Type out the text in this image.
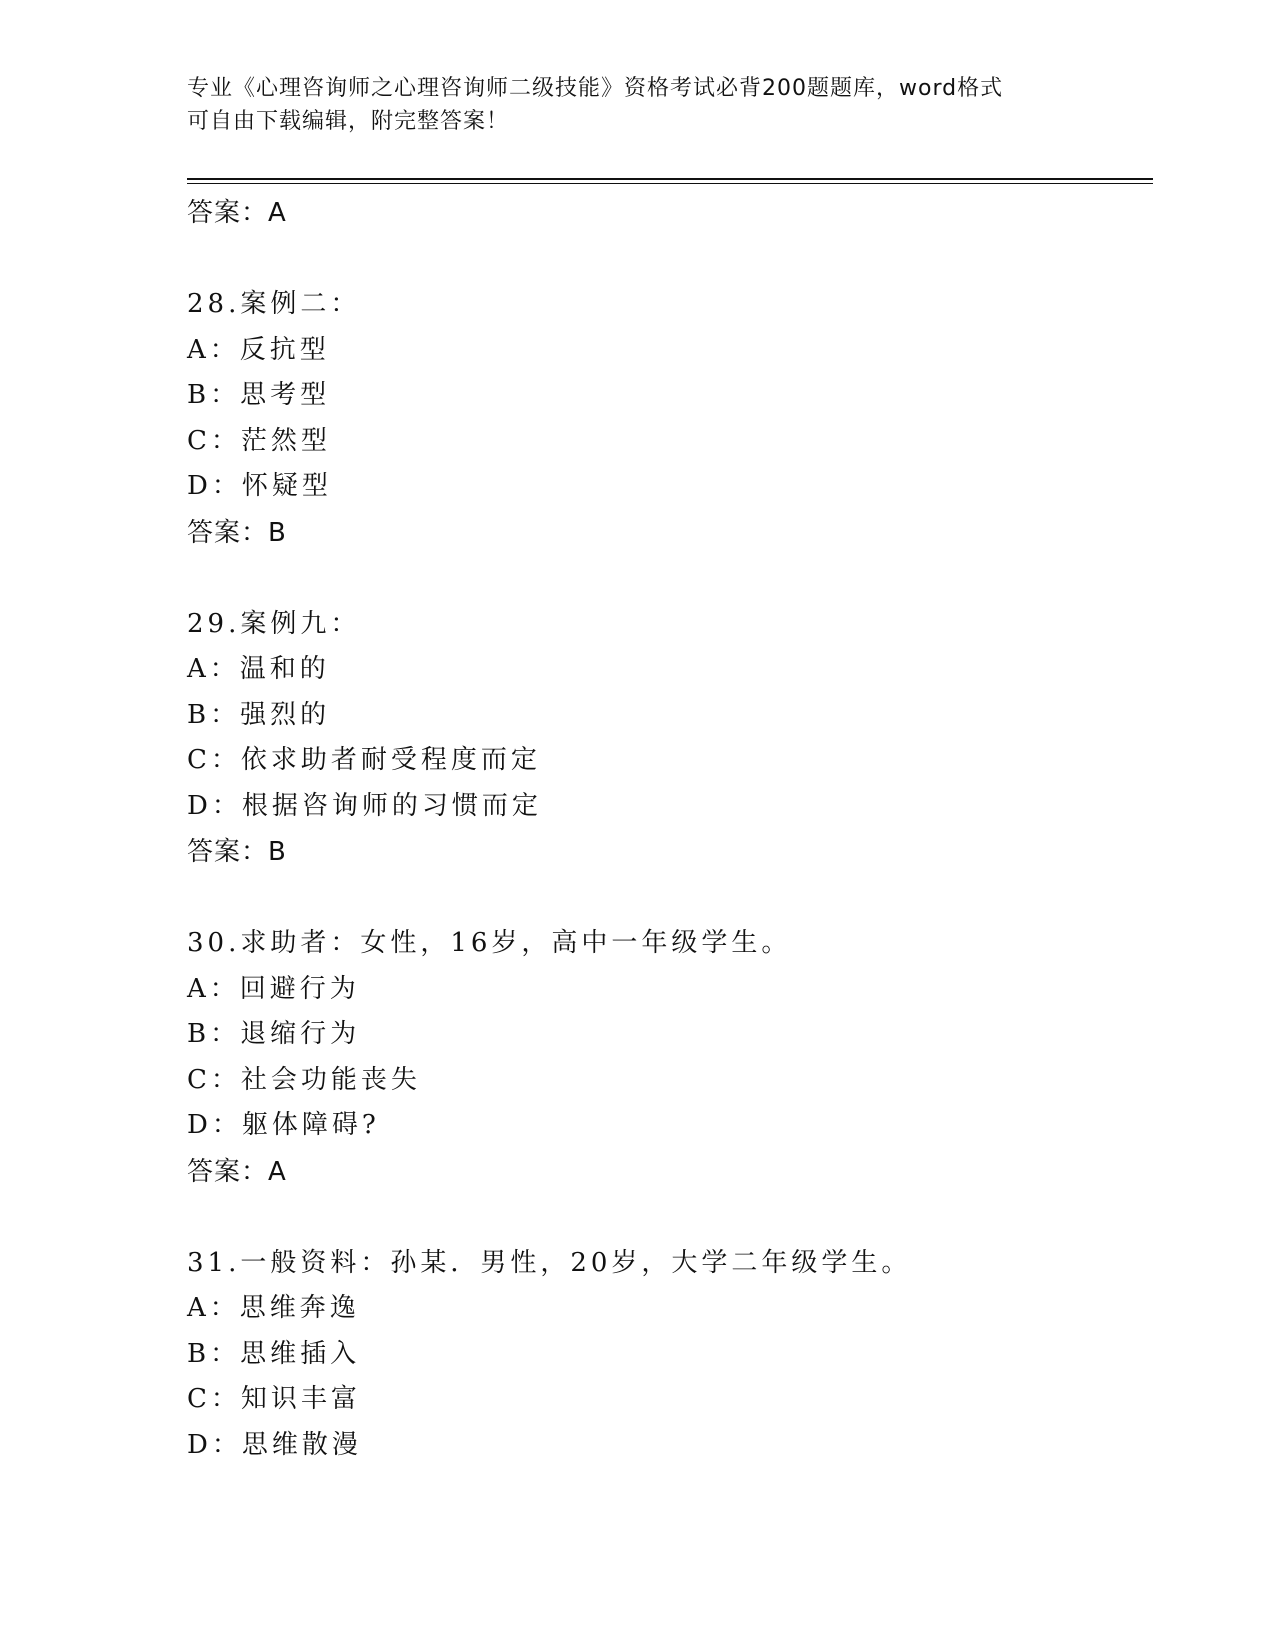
专业《心理咨询师之心理咨询师二级技能》资格考试必背200题题库，word格式
可自由下载编辑，附完整答案！
答案：A
28.案例二：
A：反抗型
B：思考型
C：茫然型
D：怀疑型
答案：B
29.案例九：
A：温和的
B：强烈的
C：依求助者耐受程度而定
D：根据咨询师的习惯而定
答案：B
30.求助者：女性，16岁，高中一年级学生。
A：回避行为
B：退缩行为
C：社会功能丧失
D：躯体障碍?
答案：A
31.一般资料：孙某．男性，20岁，大学二年级学生。
A：思维奔逸
B：思维插入
C：知识丰富
D：思维散漫
